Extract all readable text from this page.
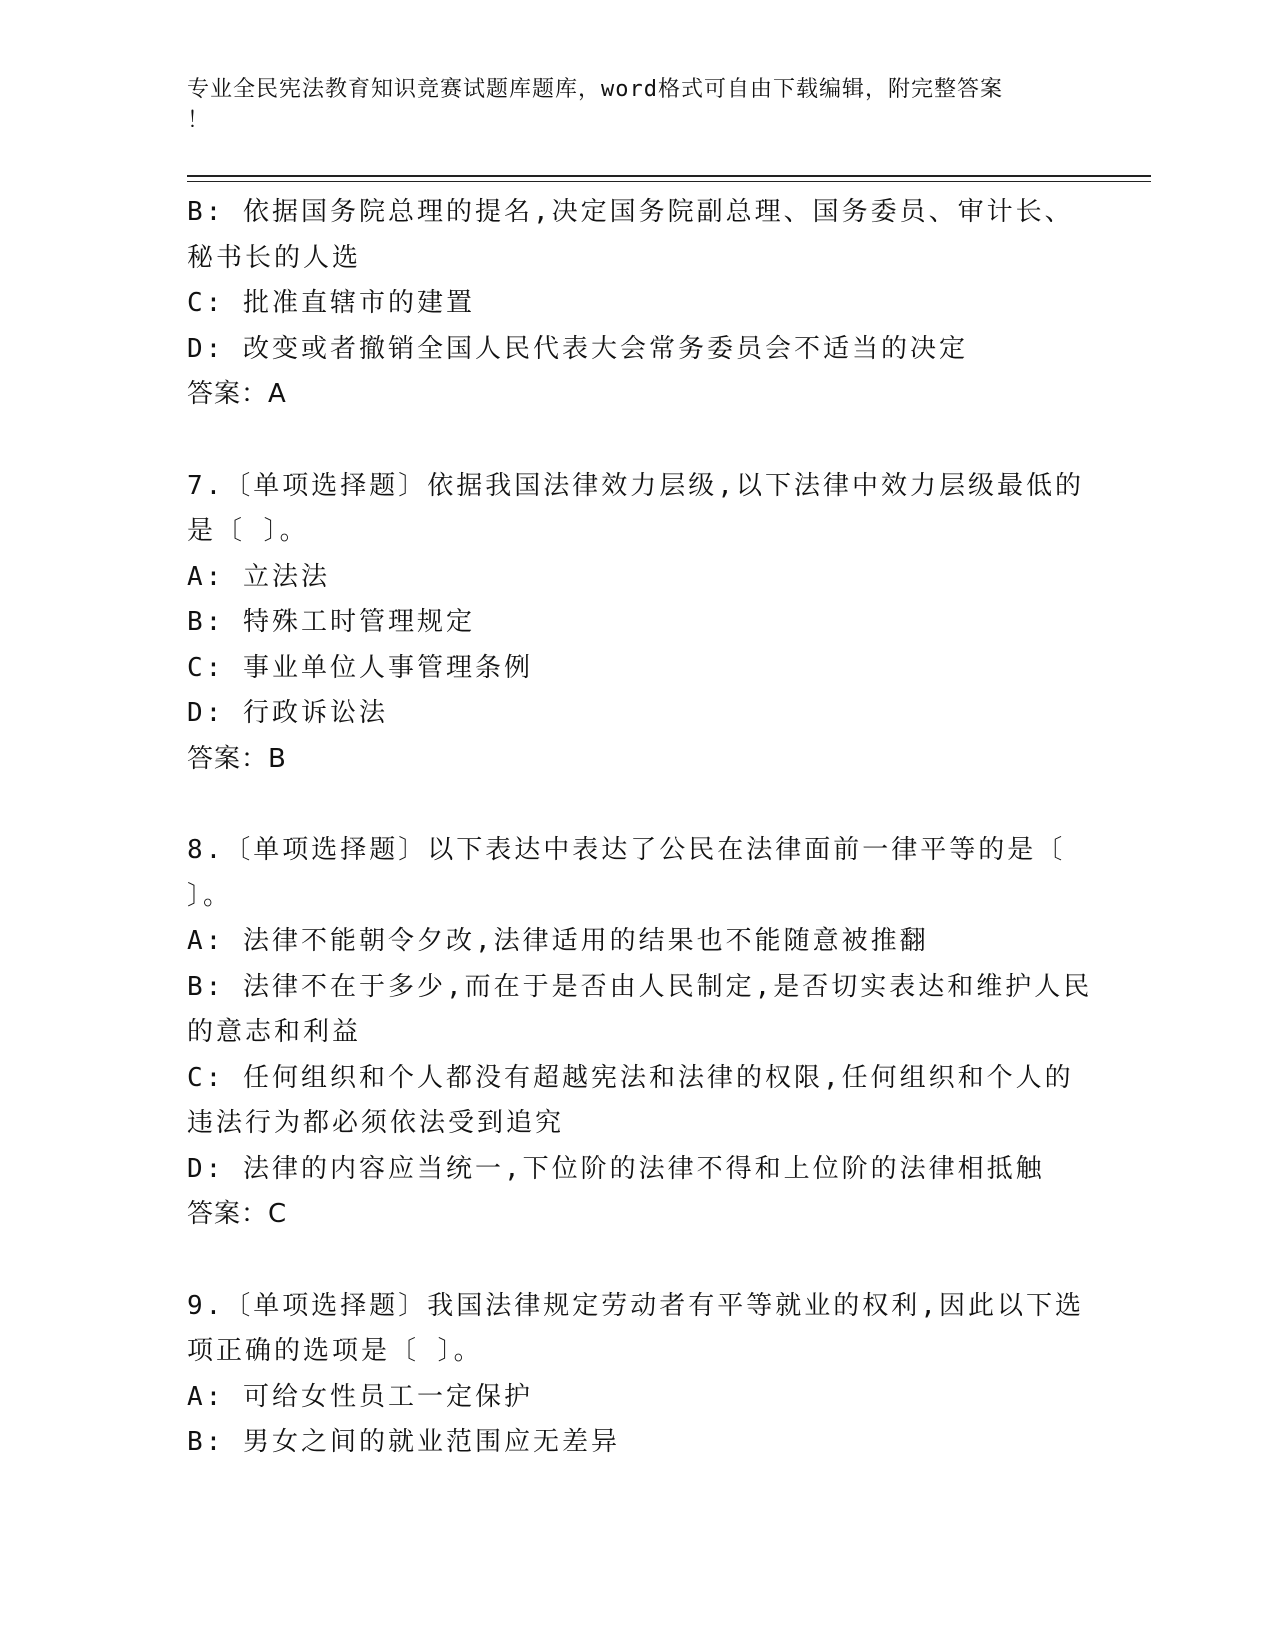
专业全民宪法教育知识竞赛试题库题库，word格式可自由下载编辑，附完整答案
！
B: 依据国务院总理的提名,决定国务院副总理、国务委员、审计长、
秘书长的人选
C: 批准直辖市的建置
D: 改变或者撤销全国人民代表大会常务委员会不适当的决定
答案：A
7.〔单项选择题〕依据我国法律效力层级,以下法律中效力层级最低的
是〔 〕。
A: 立法法
B: 特殊工时管理规定
C: 事业单位人事管理条例
D: 行政诉讼法
答案：B
8.〔单项选择题〕以下表达中表达了公民在法律面前一律平等的是〔
〕。
A: 法律不能朝令夕改,法律适用的结果也不能随意被推翻
B: 法律不在于多少,而在于是否由人民制定,是否切实表达和维护人民
的意志和利益
C: 任何组织和个人都没有超越宪法和法律的权限,任何组织和个人的
违法行为都必须依法受到追究
D: 法律的内容应当统一,下位阶的法律不得和上位阶的法律相抵触
答案：C
9.〔单项选择题〕我国法律规定劳动者有平等就业的权利,因此以下选
项正确的选项是〔 〕。
A: 可给女性员工一定保护
B: 男女之间的就业范围应无差异
